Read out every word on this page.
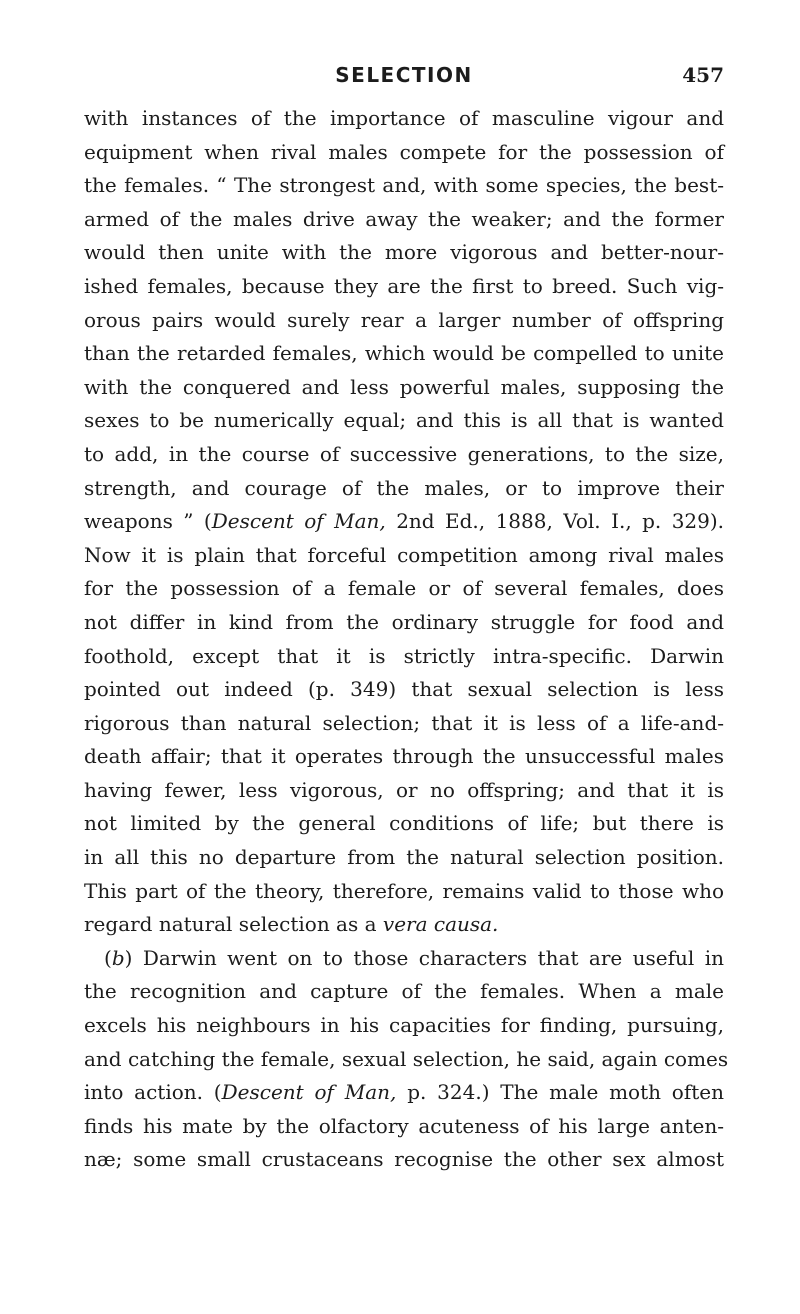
SELECTION	457
with instances of the importance of masculine vigour and
equipment when rival males compete for the possession of
the females. “ The strongest and, with some species, the best-
armed of the males drive away the weaker; and the former
would then unite with the more vigorous and better-nour-
ished females, because they are the first to breed. Such vig-
orous pairs would surely rear a larger number of offspring
than the retarded females, which would be compelled to unite
with the conquered and less powerful males, supposing the
sexes to be numerically equal; and this is all that is wanted
to add, in the course of successive generations, to the size,
strength, and courage of the males, or to improve their
weapons ” (Descent of Man, 2nd Ed., 1888, Vol. I., p. 329).
Now it is plain that forceful competition among rival males
for the possession of a female or of several females, does
not differ in kind from the ordinary struggle for food and
foothold, except that it is strictly intra-specific. Darwin
pointed out indeed (p. 349) that sexual selection is less
rigorous than natural selection; that it is less of a life-and-
death affair; that it operates through the unsuccessful males
having fewer, less vigorous, or no offspring; and that it is
not limited by the general conditions of life; but there is
in all this no departure from the natural selection position.
This part of the theory, therefore, remains valid to those who
regard natural selection as a vera causa.
(b) Darwin went on to those characters that are useful in
the recognition and capture of the females. When a male
excels his neighbours in his capacities for finding, pursuing,
and catching the female, sexual selection, he said, again comes
into action. (Descent of Man, p. 324.) The male moth often
finds his mate by the olfactory acuteness of his large anten-
næ; some small crustaceans recognise the other sex almost
